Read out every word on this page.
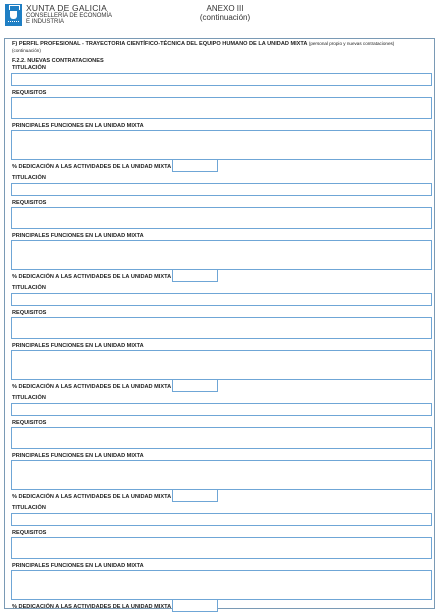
XUNTA DE GALICIA
CONSELLERÍA DE ECONOMÍA
E INDUSTRIA
ANEXO III
(continuación)
F) PERFIL PROFESIONAL - TRAYECTORIA CIENTÍFICO-TÉCNICA DEL EQUIPO HUMANO DE LA UNIDAD MIXTA (personal propio y nuevas contrataciones)
(continuación)
F.2.2. NUEVAS CONTRATACIONES
TITULACIÓN
REQUISITOS
PRINCIPALES FUNCIONES EN LA UNIDAD MIXTA
% DEDICACIÓN A LAS ACTIVIDADES DE LA UNIDAD MIXTA
TITULACIÓN
REQUISITOS
PRINCIPALES FUNCIONES EN LA UNIDAD MIXTA
% DEDICACIÓN A LAS ACTIVIDADES DE LA UNIDAD MIXTA
TITULACIÓN
REQUISITOS
PRINCIPALES FUNCIONES EN LA UNIDAD MIXTA
% DEDICACIÓN A LAS ACTIVIDADES DE LA UNIDAD MIXTA
TITULACIÓN
REQUISITOS
PRINCIPALES FUNCIONES EN LA UNIDAD MIXTA
% DEDICACIÓN A LAS ACTIVIDADES DE LA UNIDAD MIXTA
TITULACIÓN
REQUISITOS
PRINCIPALES FUNCIONES EN LA UNIDAD MIXTA
% DEDICACIÓN A LAS ACTIVIDADES DE LA UNIDAD MIXTA
